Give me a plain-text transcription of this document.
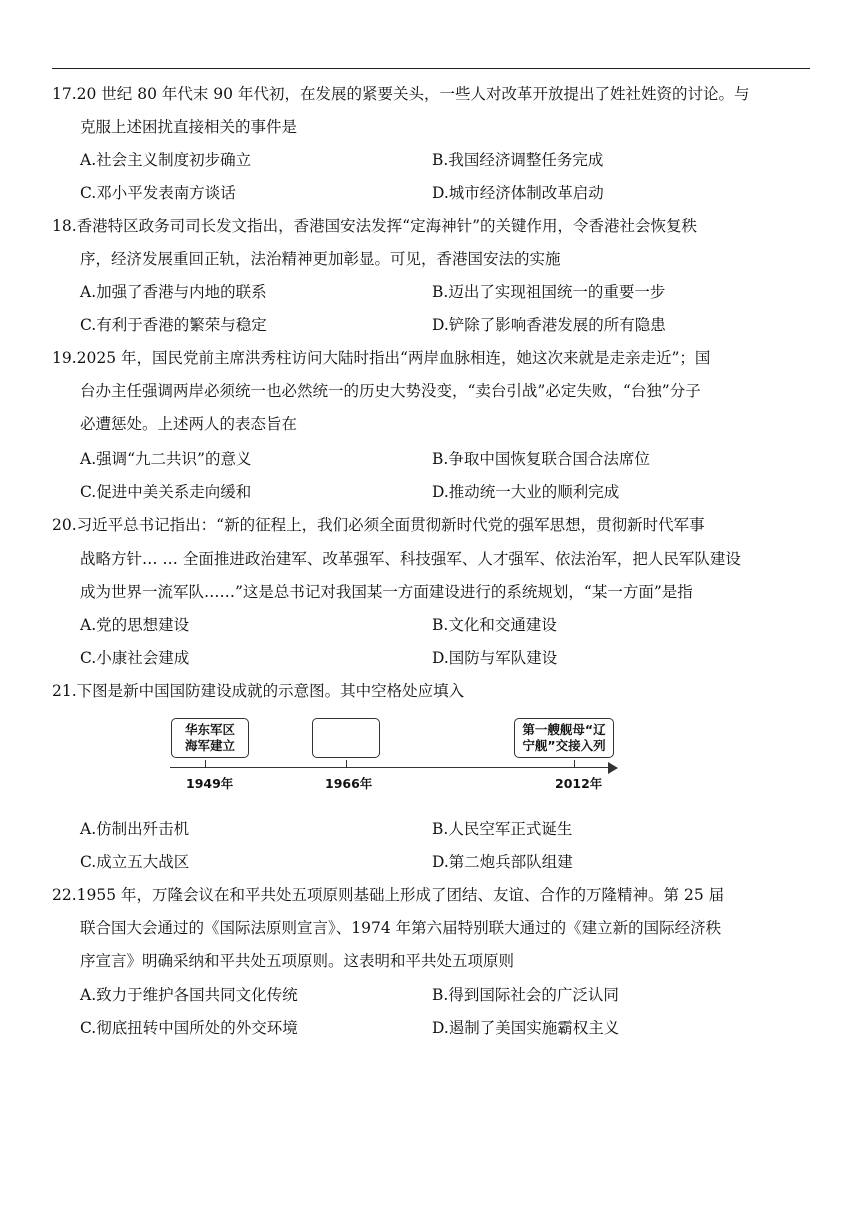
17.20 世纪 80 年代末 90 年代初，在发展的紧要关头，一些人对改革开放提出了姓社姓资的讨论。与
克服上述困扰直接相关的事件是
A.社会主义制度初步确立	B.我国经济调整任务完成
C.邓小平发表南方谈话	D.城市经济体制改革启动
18.香港特区政务司司长发文指出，香港国安法发挥“定海神针”的关键作用，令香港社会恢复秩
序，经济发展重回正轨，法治精神更加彰显。可见，香港国安法的实施
A.加强了香港与内地的联系	B.迈出了实现祖国统一的重要一步
C.有利于香港的繁荣与稳定	D.铲除了影响香港发展的所有隐患
19.2025 年，国民党前主席洪秀柱访问大陆时指出“两岸血脉相连，她这次来就是走亲走近”；国
台办主任强调两岸必须统一也必然统一的历史大势没变，“卖台引战”必定失败，“台独”分子
必遭惩处。上述两人的表态旨在
A.强调“九二共识”的意义	B.争取中国恢复联合国合法席位
C.促进中美关系走向缓和	D.推动统一大业的顺利完成
20.习近平总书记指出：“新的征程上，我们必须全面贯彻新时代党的强军思想，贯彻新时代军事
战略方针… … 全面推进政治建军、改革强军、科技强军、人才强军、依法治军，把人民军队建设
成为世界一流军队……”这是总书记对我国某一方面建设进行的系统规划，“某一方面”是指
A.党的思想建设	B.文化和交通建设
C.小康社会建成	D.国防与军队建设
21.下图是新中国国防建设成就的示意图。其中空格处应填入
华东军区
海军建立
第一艘舰母“辽
宁舰”交接入列
1949年	1966年	2012年
A.仿制出歼击机	B.人民空军正式诞生
C.成立五大战区	D.第二炮兵部队组建
22.1955 年，万隆会议在和平共处五项原则基础上形成了团结、友谊、合作的万隆精神。第 25 届
联合国大会通过的《国际法原则宣言》、1974 年第六届特别联大通过的《建立新的国际经济秩
序宣言》明确采纳和平共处五项原则。这表明和平共处五项原则
A.致力于维护各国共同文化传统	B.得到国际社会的广泛认同
C.彻底扭转中国所处的外交环境	D.遏制了美国实施霸权主义
